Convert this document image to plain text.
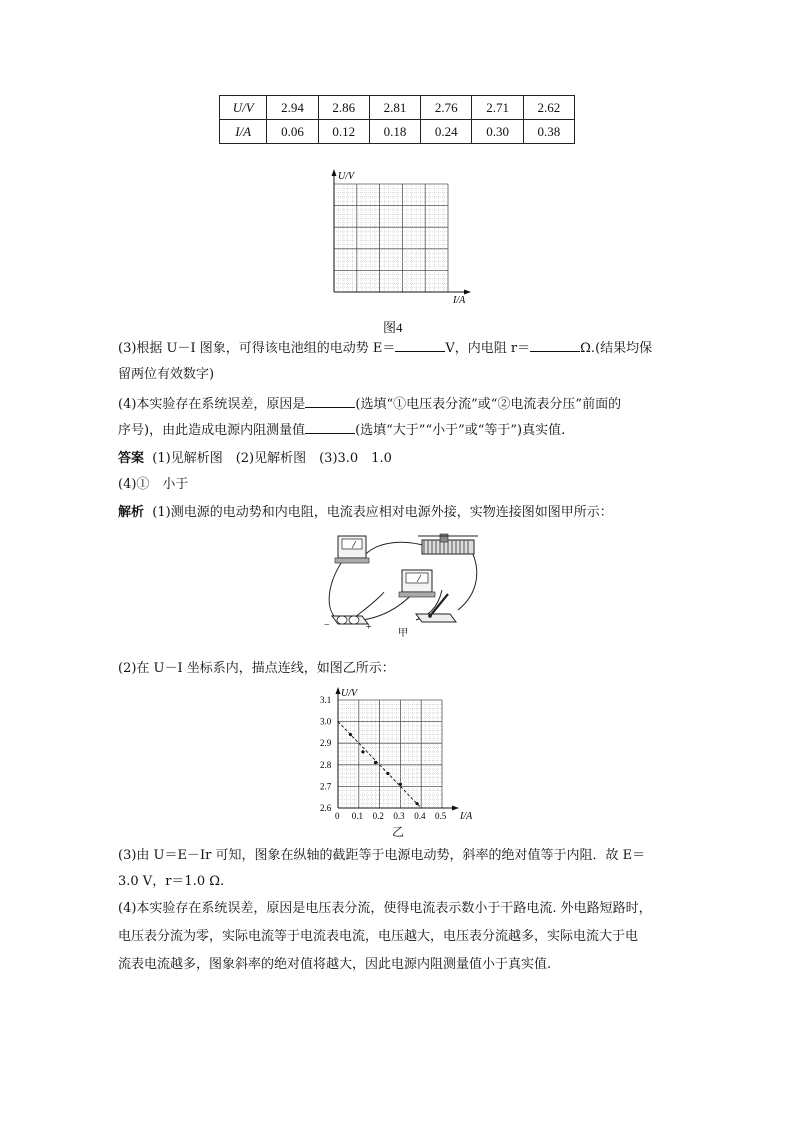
U/V	2.94	2.86	2.81	2.76	2.71	2.62
I/A	0.06	0.12	0.18	0.24	0.30	0.38
U/V
I/A
图4
(3)根据 U－I 图象，可得该电池组的电动势 E＝	V，内电阻 r＝	Ω.(结果均保
留两位有效数字)
(4)本实验存在系统误差，原因是	(选填“①电压表分流”或“②电流表分压”前面的
序号)，由此造成电源内阻测量值	(选填“大于”“小于”或“等于”)真实值.
答案 (1)见解析图　(2)见解析图　(3)3.0　1.0
(4)①　小于
解析 (1)测电源的电动势和内电阻，电流表应相对电源外接，实物连接图如图甲所示：
−	+
甲
(2)在 U－I 坐标系内，描点连线，如图乙所示：
0 0.1 0.2 0.3 0.4 0.5
2.6
2.7
2.8
2.9
3.0
3.1
U/V
I/A
乙
(3)由 U＝E－Ir 可知，图象在纵轴的截距等于电源电动势，斜率的绝对值等于内阻．故 E＝
3.0 V，r＝1.0 Ω.
(4)本实验存在系统误差，原因是电压表分流，使得电流表示数小于干路电流. 外电路短路时，
电压表分流为零，实际电流等于电流表电流，电压越大，电压表分流越多，实际电流大于电
流表电流越多，图象斜率的绝对值将越大，因此电源内阻测量值小于真实值.
